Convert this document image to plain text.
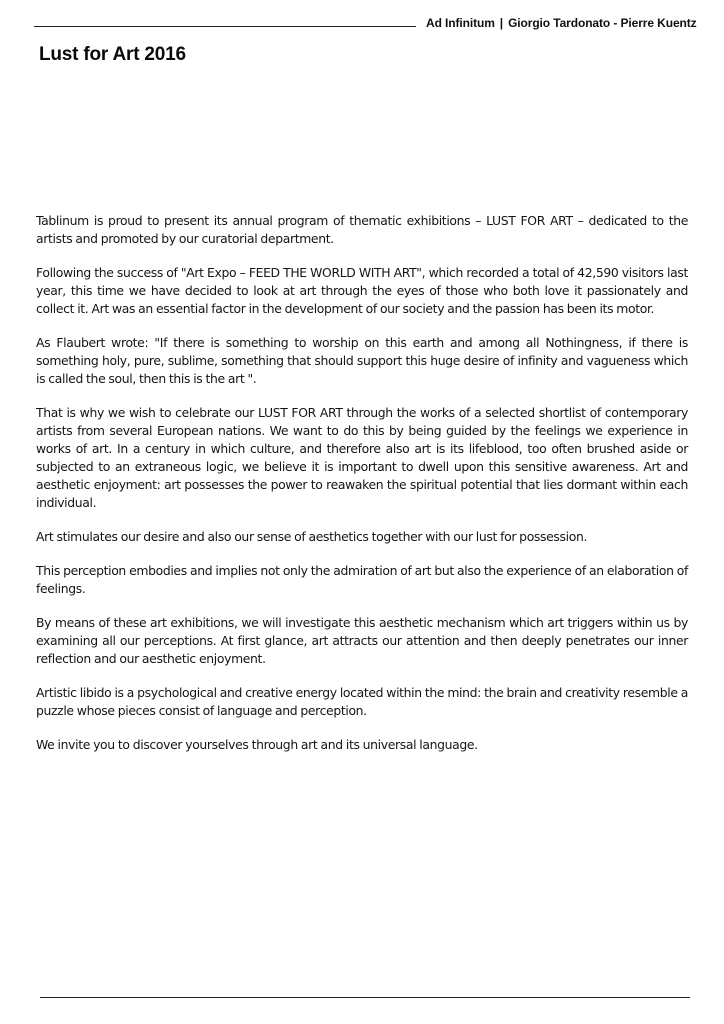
Ad Infinitum | Giorgio Tardonato - Pierre Kuentz
Lust for Art 2016

Tablinum is proud to present its annual program of thematic exhibitions – LUST FOR ART – dedicated to the artists and promoted by our curatorial department.

Following the success of "Art Expo – FEED THE WORLD WITH ART", which recorded a total of 42,590 visitors last year, this time we have decided to look at art through the eyes of those who both love it passionately and collect it. Art was an essential factor in the development of our society and the passion has been its motor.

As Flaubert wrote: "If there is something to worship on this earth and among all Nothingness, if there is something holy, pure, sublime, something that should support this huge desire of infinity and vagueness which is called the soul, then this is the art ".

That is why we wish to celebrate our LUST FOR ART through the works of a selected shortlist of contemporary artists from several European nations. We want to do this by being guided by the feelings we experience in works of art. In a century in which culture, and therefore also art is its lifeblood, too often brushed aside or subjected to an extraneous logic, we believe it is important to dwell upon this sensitive awareness. Art and aesthetic enjoyment: art possesses the power to reawaken the spiritual potential that lies dormant within each individual.

Art stimulates our desire and also our sense of aesthetics together with our lust for possession.

This perception embodies and implies not only the admiration of art but also the experience of an elaboration of feelings.

By means of these art exhibitions, we will investigate this aesthetic mechanism which art triggers within us by examining all our perceptions. At first glance, art attracts our attention and then deeply penetrates our inner reflection and our aesthetic enjoyment.

Artistic libido is a psychological and creative energy located within the mind: the brain and creativity resemble a puzzle whose pieces consist of language and perception.

We invite you to discover yourselves through art and its universal language.
